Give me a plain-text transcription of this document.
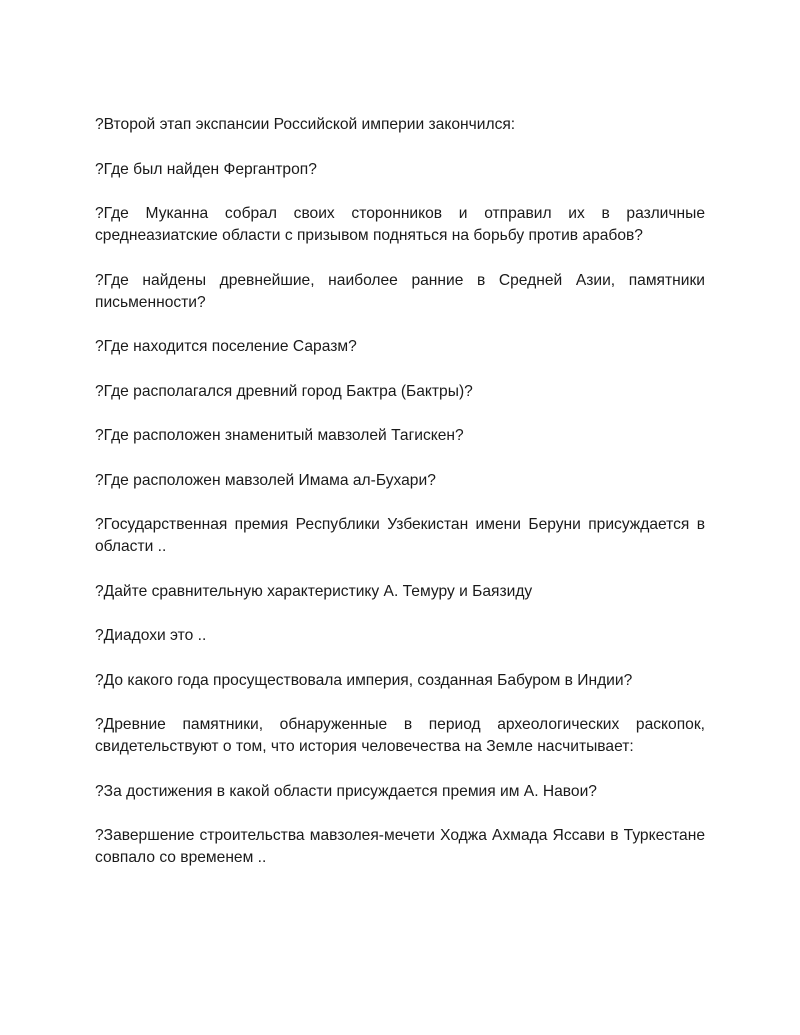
?Второй этап экспансии Российской империи закончился:

?Где был найден Фергантроп?

?Где Муканна собрал своих сторонников и отправил их в различные среднеазиатские области с призывом подняться на борьбу против арабов?

?Где найдены древнейшие, наиболее ранние в Средней Азии, памятники письменности?

?Где находится поселение Саразм?

?Где располагался древний город Бактра (Бактры)?

?Где расположен знаменитый мавзолей Тагискен?

?Где расположен мавзолей Имама ал-Бухари?

?Государственная премия Республики Узбекистан имени Беруни присуждается в области ..

?Дайте сравнительную характеристику А. Темуру и Баязиду

?Диадохи это ..

?До какого года просуществовала империя, созданная Бабуром в Индии?

?Древние памятники, обнаруженные в период археологических раскопок, свидетельствуют о том, что история человечества на Земле насчитывает:

?За достижения в какой области присуждается премия им А. Навои?

?Завершение строительства мавзолея-мечети Ходжа Ахмада Яссави в Туркестане совпало со временем ..
